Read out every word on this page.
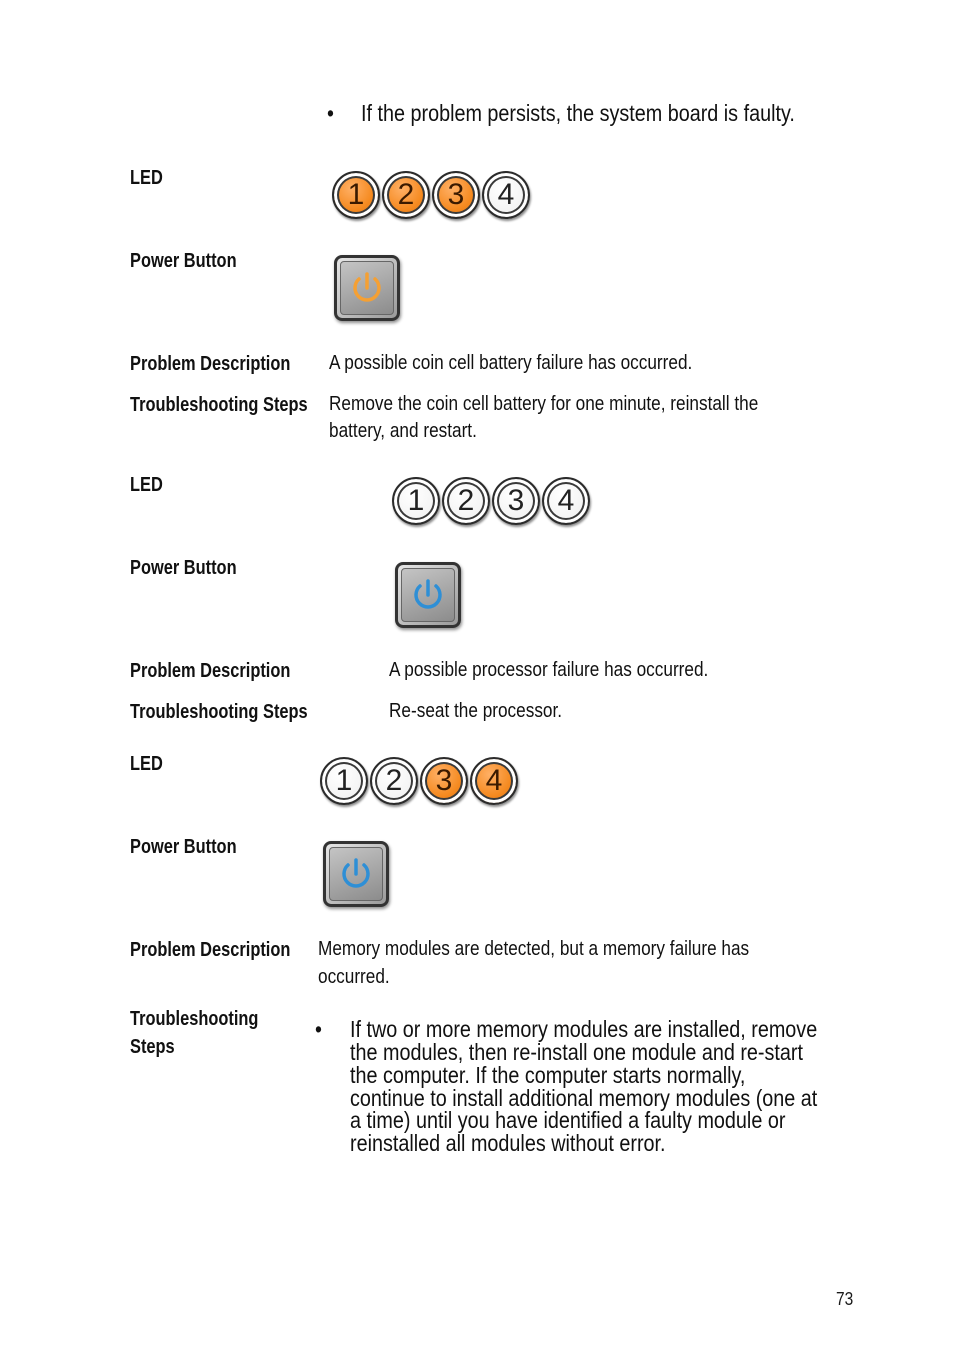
• If the problem persists, the system board is faulty.
LED	1	2	3	4
Power Button
Problem Description A possible coin cell battery failure has occurred.
Troubleshooting Steps Remove the coin cell battery for one minute, reinstall the
battery, and restart.
LED	1	2	3	4
Power Button
Problem Description	A possible processor failure has occurred.
Troubleshooting Steps	Re-seat the processor.
LED	1	2	3	4
Power Button
Problem Description Memory modules are detected, but a memory failure has
occurred.
Troubleshooting
Steps
• If two or more memory modules are installed, remove
the modules, then re-install one module and re-start
the computer. If the computer starts normally,
continue to install additional memory modules (one at
a time) until you have identified a faulty module or
reinstalled all modules without error.
73
